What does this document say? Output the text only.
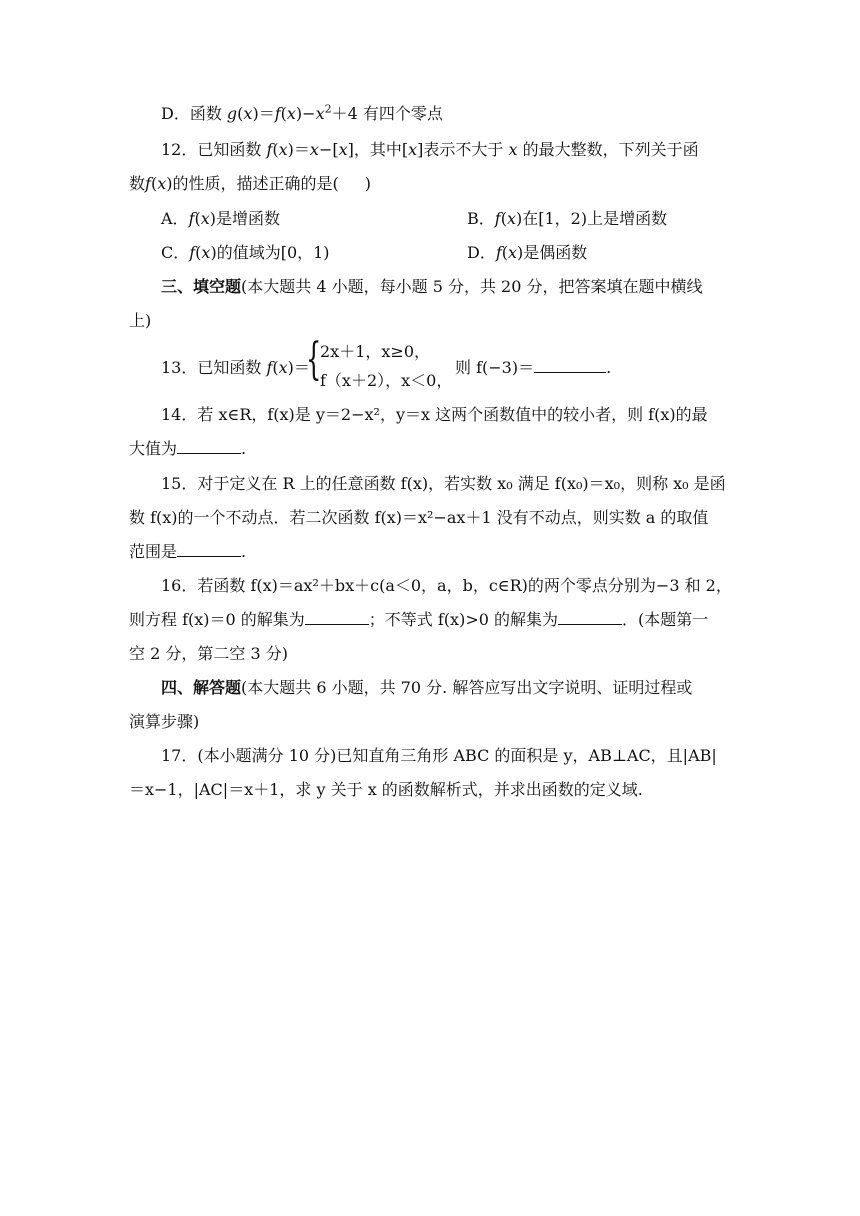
D．函数 $g(x)=f(x)-x^2+4$ 有四个零点
12．已知函数 f(x)＝x−[x]，其中[x]表示不大于 x 的最大整数，下列关于函
数f(x)的性质，描述正确的是( )
A．f(x)是增函数	B．f(x)在[1，2)上是增函数
C．f(x)的值域为[0，1)	D．f(x)是偶函数
三、填空题(本大题共 4 小题，每小题 5 分，共 20 分，把答案填在题中横线
上)
13．已知函数 f(x)＝
{
2x＋1，x≥0，
f（x＋2），x＜0，
则 f(−3)＝	.
14．若 x∈R，f(x)是 y＝2−x²，y＝x 这两个函数值中的较小者，则 f(x)的最
大值为	.
15．对于定义在 R 上的任意函数 f(x)，若实数 x₀ 满足 f(x₀)＝x₀，则称 x₀ 是函
数 f(x)的一个不动点．若二次函数 f(x)＝x²−ax＋1 没有不动点，则实数 a 的取值
范围是	.
16．若函数 f(x)＝ax²＋bx＋c(a＜0，a，b，c∈R)的两个零点分别为−3 和 2，
则方程 f(x)＝0 的解集为	；不等式 f(x)>0 的解集为	．(本题第一
空 2 分，第二空 3 分)
四、解答题(本大题共 6 小题，共 70 分. 解答应写出文字说明、证明过程或
演算步骤)
17．(本小题满分 10 分)已知直角三角形 ABC 的面积是 y，AB⊥AC，且|AB|
＝x−1，|AC|＝x＋1，求 y 关于 x 的函数解析式，并求出函数的定义域.
